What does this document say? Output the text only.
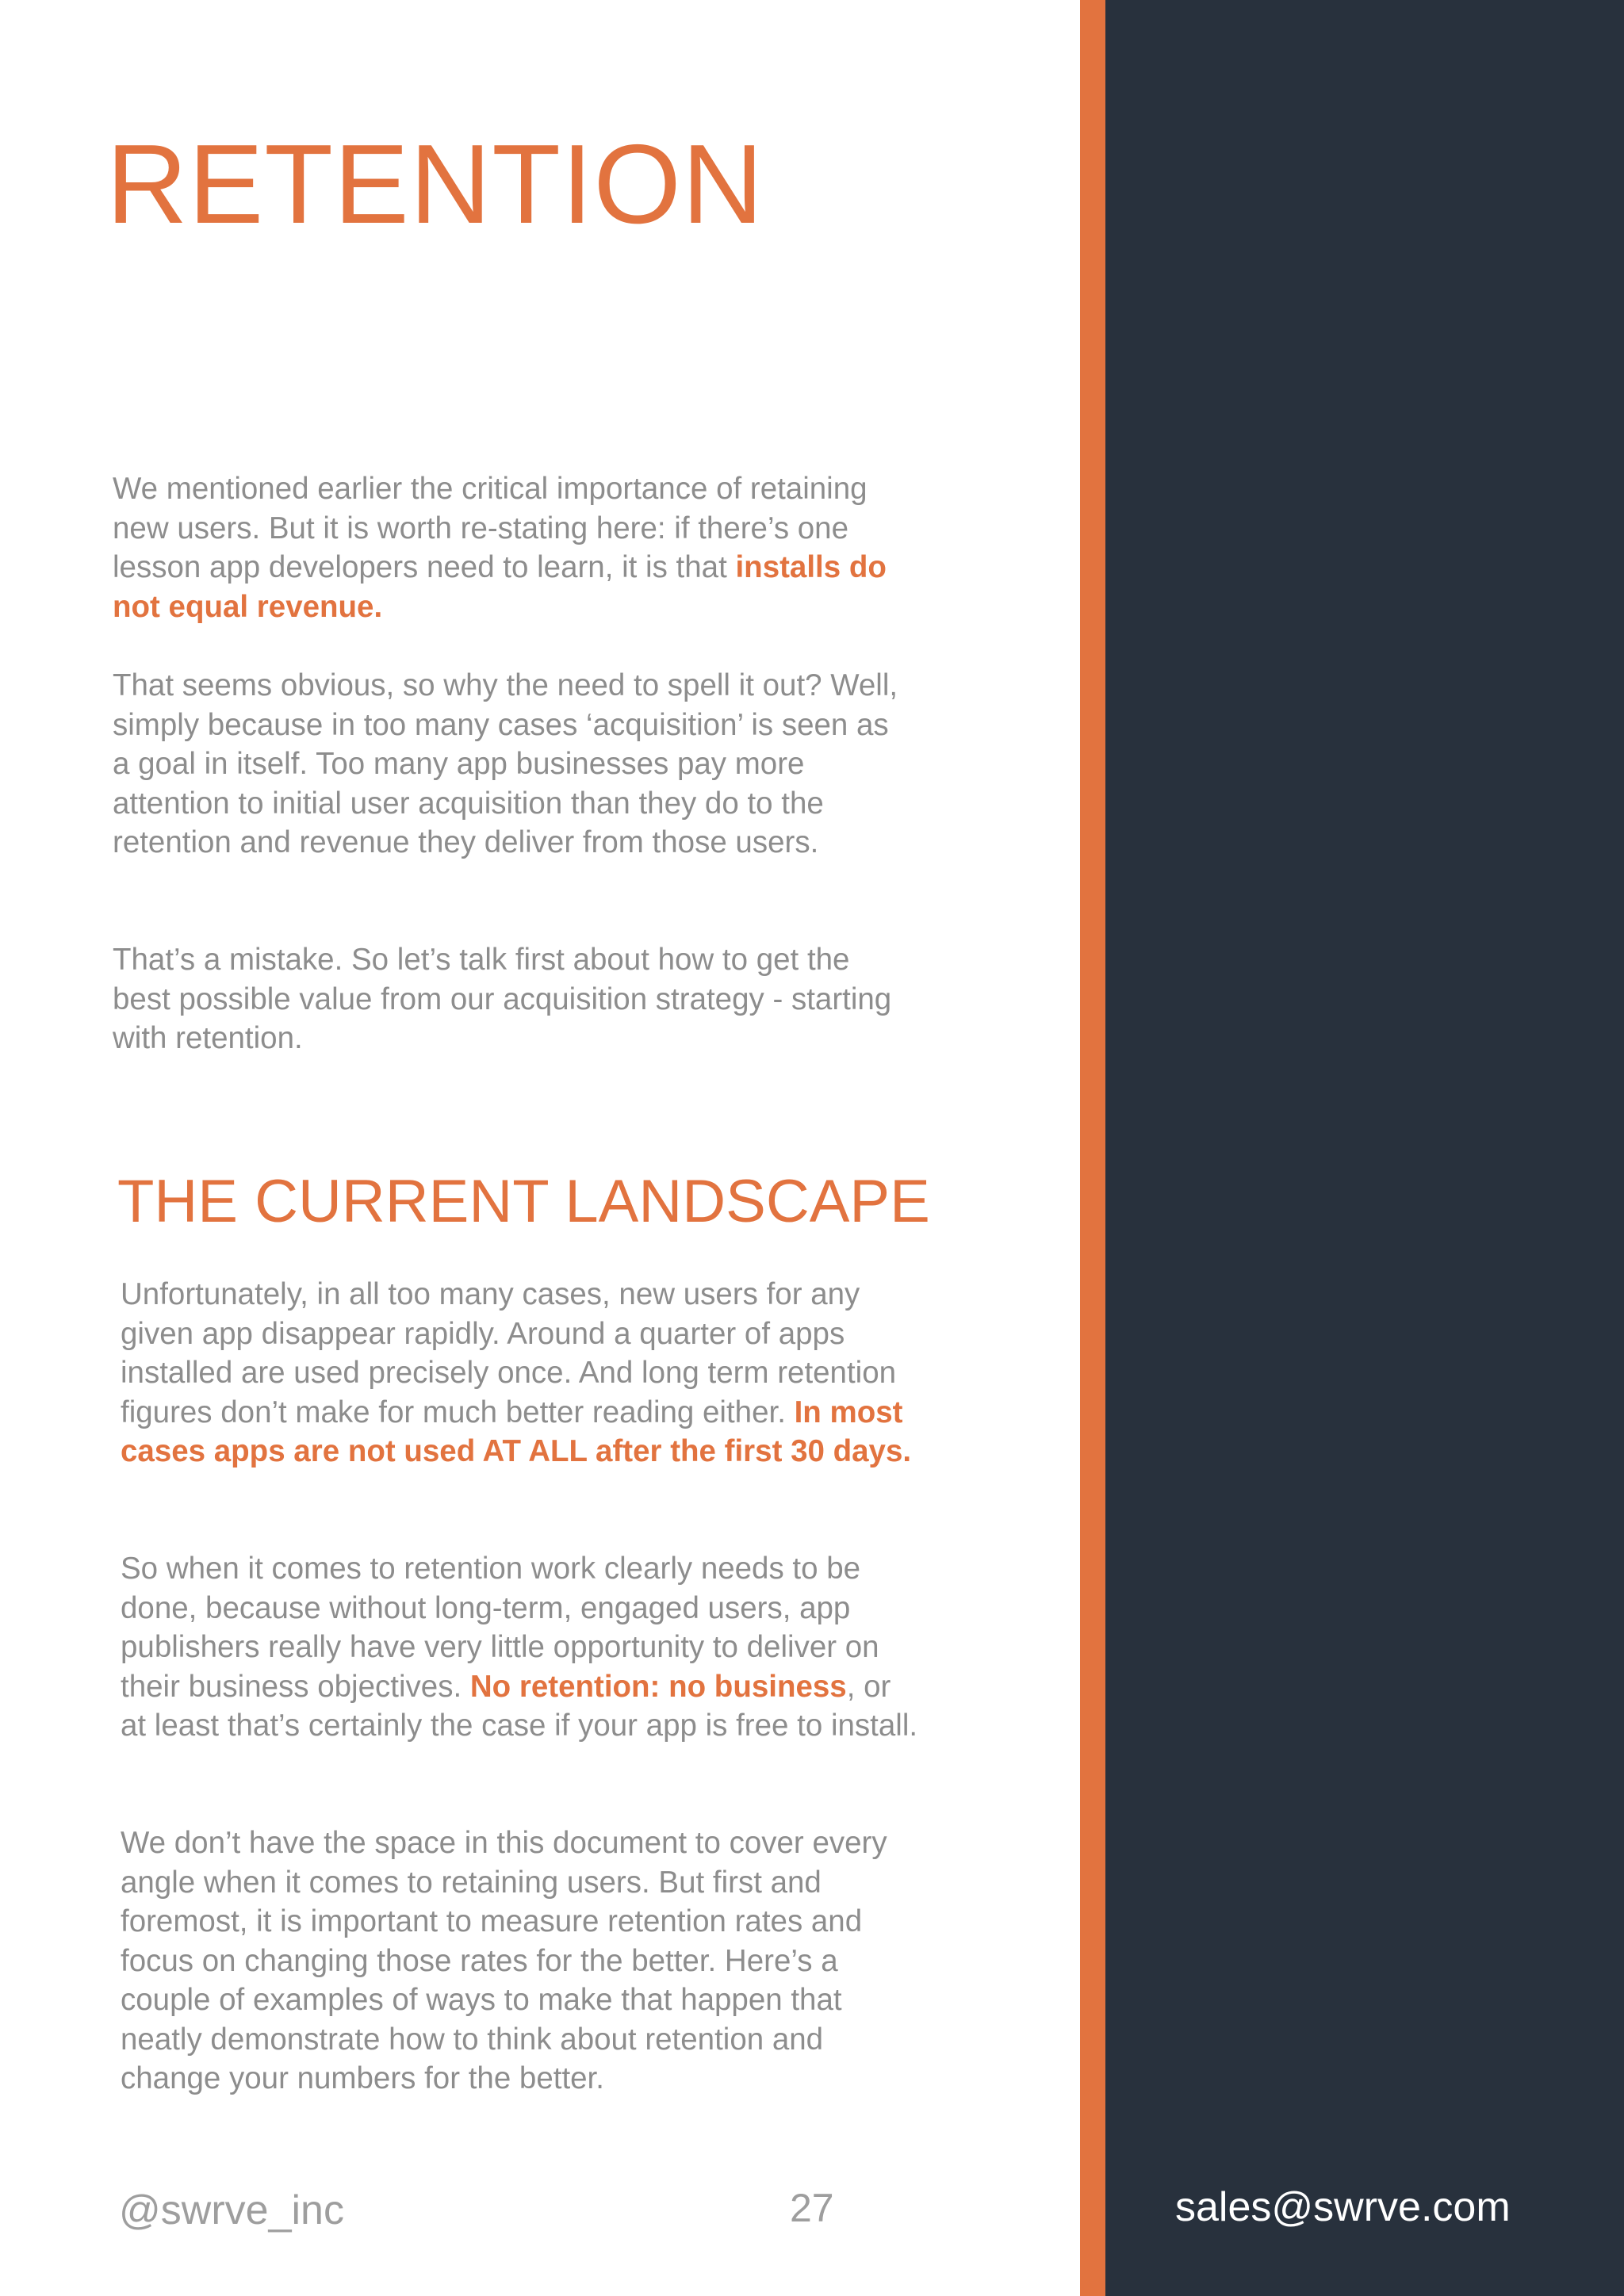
RETENTION

We mentioned earlier the critical importance of retaining new users. But it is worth re-stating here: if there’s one lesson app developers need to learn, it is that installs do not equal revenue.

That seems obvious, so why the need to spell it out? Well, simply because in too many cases ‘acquisition’ is seen as a goal in itself. Too many app businesses pay more attention to initial user acquisition than they do to the retention and revenue they deliver from those users.

That’s a mistake. So let’s talk first about how to get the best possible value from our acquisition strategy - starting with retention.

THE CURRENT LANDSCAPE

Unfortunately, in all too many cases, new users for any given app disappear rapidly. Around a quarter of apps installed are used precisely once. And long term retention figures don’t make for much better reading either. In most cases apps are not used AT ALL after the first 30 days.

So when it comes to retention work clearly needs to be done, because without long-term, engaged users, app publishers really have very little opportunity to deliver on their business objectives. No retention: no business, or at least that’s certainly the case if your app is free to install.

We don’t have the space in this document to cover every angle when it comes to retaining users. But first and foremost, it is important to measure retention rates and focus on changing those rates for the better. Here’s a couple of examples of ways to make that happen that neatly demonstrate how to think about retention and change your numbers for the better.

@swrve_inc	27	sales@swrve.com
